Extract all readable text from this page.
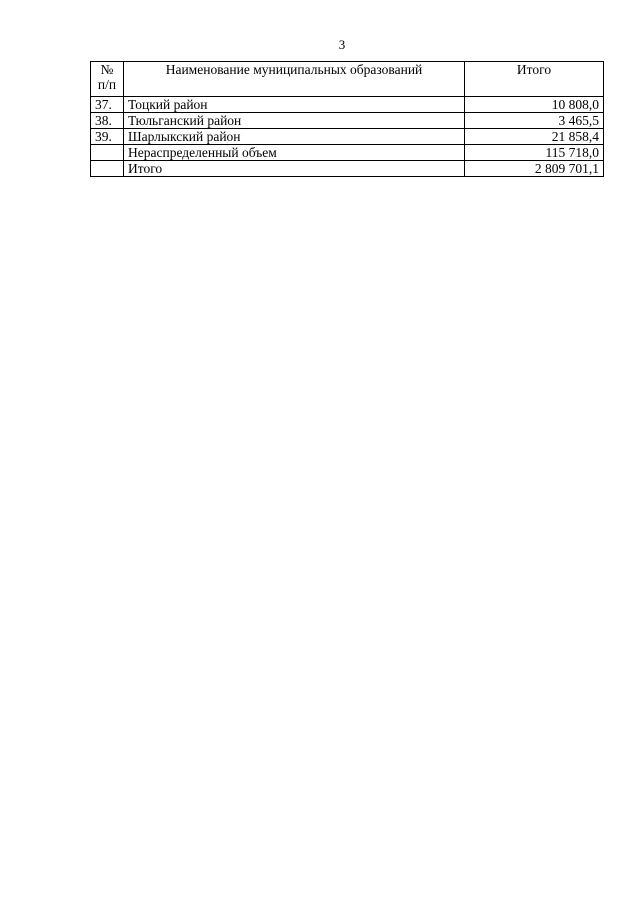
3
№
п/п	Наименование муниципальных образований	Итого
37.	Тоцкий район	10 808,0
38.	Тюльганский район	3 465,5
39.	Шарлыкский район	21 858,4
	Нераспределенный объем	115 718,0
	Итого	2 809 701,1
